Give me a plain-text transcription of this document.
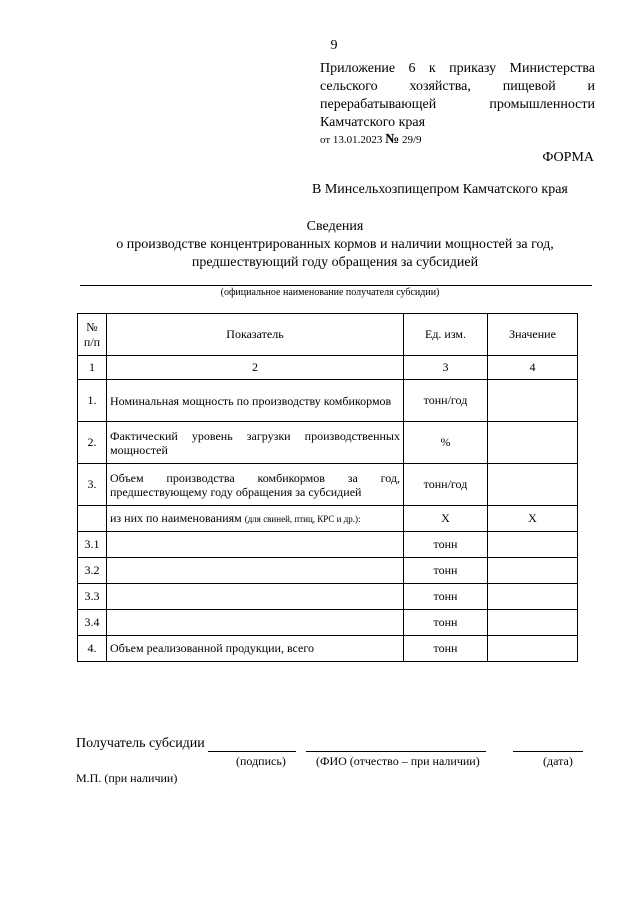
9
Приложение 6 к приказу Министерства
сельского хозяйства, пищевой и
перерабатывающей промышленности
Камчатского края
от 13.01.2023 № 29/9
ФОРМА
В Минсельхозпищепром Камчатского края
Сведения
о производстве концентрированных кормов и наличии мощностей за год,
предшествующий году обращения за субсидией
(официальное наименование получателя субсидии)
№ п/п	Показатель	Ед. изм.	Значение
1	2	3	4
1.	Номинальная мощность по производству комбикормов	тонн/год	
2.	Фактический уровень загрузки производственных мощностей	%	
3.	Объем производства комбикормов за год, предшествующему году обращения за субсидией	тонн/год	
	из них по наименованиям (для свиней, птиц, КРС и др.):	Х	Х
3.1		тонн	
3.2		тонн	
3.3		тонн	
3.4		тонн	
4.	Объем реализованной продукции, всего	тонн	
Получатель субсидии
(подпись)	(ФИО (отчество – при наличии)	(дата)
М.П. (при наличии)
